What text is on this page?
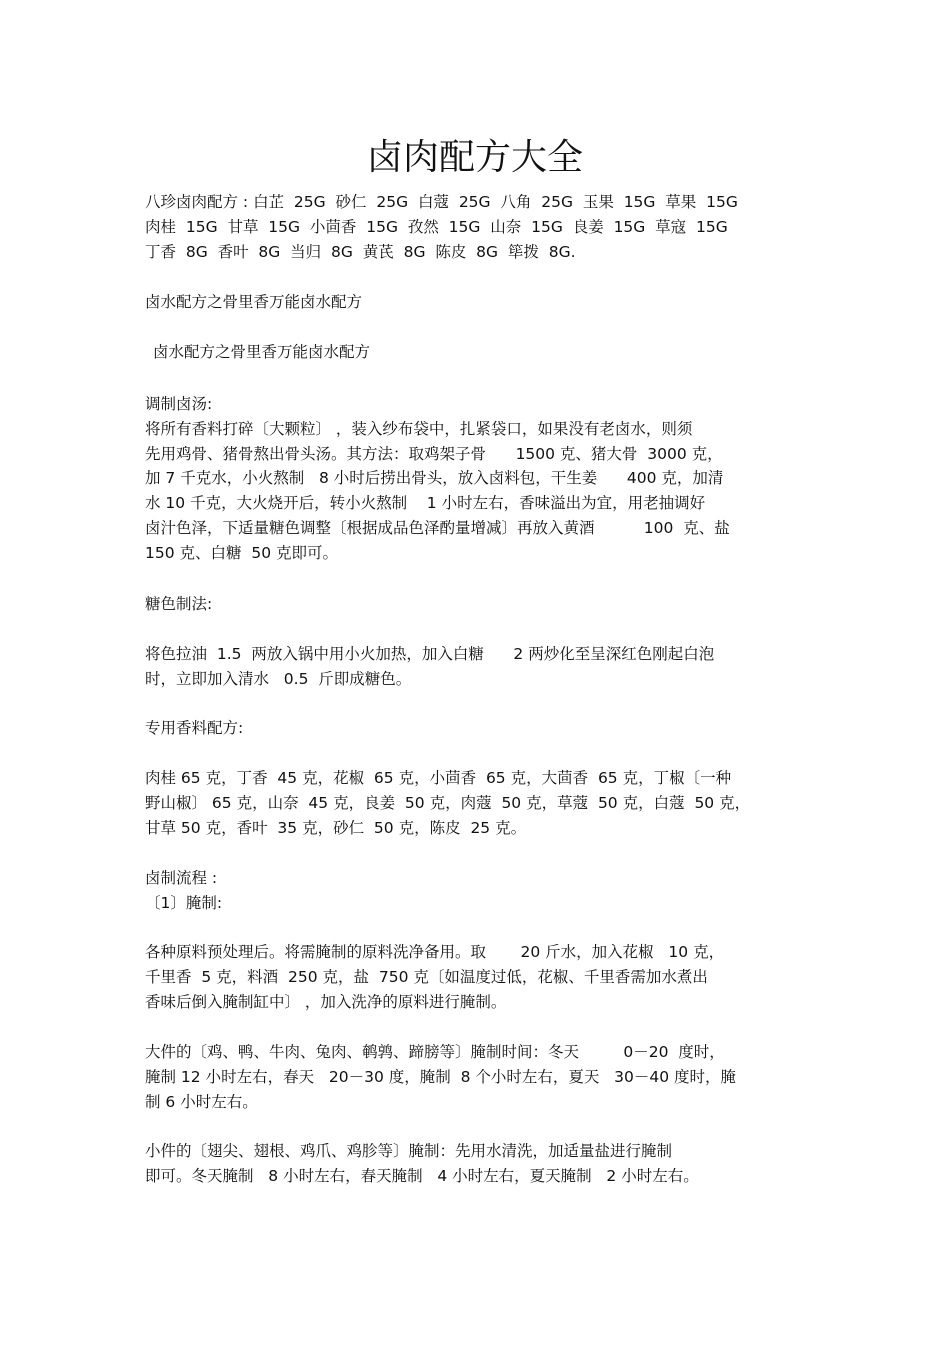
卤肉配方大全

八珍卤肉配方 : 白芷  25G  砂仁  25G  白蔻  25G  八角  25G  玉果  15G  草果  15G
肉桂  15G  甘草  15G  小茴香  15G  孜然  15G  山奈  15G  良姜  15G  草寇  15G
丁香  8G  香叶  8G  当归  8G  黄芪  8G  陈皮  8G  筚拨  8G.

卤水配方之骨里香万能卤水配方

卤水配方之骨里香万能卤水配方

调制卤汤:
将所有香料打碎〔大颗粒〕 ，装入纱布袋中，扎紧袋口，如果没有老卤水，则须
先用鸡骨、猪骨熬出骨头汤。其方法：取鸡架子骨      1500 克、猪大骨  3000 克，
加 7 千克水，小火熬制   8 小时后捞出骨头，放入卤料包，干生姜      400 克，加清
水 10 千克，大火烧开后，转小火熬制    1 小时左右，香味溢出为宜，用老抽调好
卤汁色泽，下适量糖色调整〔根据成品色泽酌量增减〕再放入黄酒          100  克、盐
150 克、白糖  50 克即可。

糖色制法:

将色拉油  1.5  两放入锅中用小火加热，加入白糖      2 两炒化至呈深红色刚起白泡
时，立即加入清水   0.5  斤即成糖色。

专用香料配方:

肉桂 65 克，丁香  45 克，花椒  65 克，小茴香  65 克，大茴香  65 克，丁椒〔一种
野山椒〕 65 克，山奈  45 克，良姜  50 克，肉蔻  50 克，草蔻  50 克，白蔻  50 克，
甘草 50 克，香叶  35 克，砂仁  50 克，陈皮  25 克。

卤制流程 :
〔1〕腌制:

各种原料预处理后。将需腌制的原料洗净备用。取       20 斤水，加入花椒   10 克，
千里香  5 克，料酒  250 克，盐  750 克〔如温度过低，花椒、千里香需加水煮出
香味后倒入腌制缸中〕 ，加入洗净的原料进行腌制。

大件的〔鸡、鸭、牛肉、兔肉、鹌鹑、蹄膀等〕腌制时间：冬天         0－20  度时，
腌制 12 小时左右，春天   20－30 度，腌制  8 个小时左右，夏天   30－40 度时，腌
制 6 小时左右。

小件的〔翅尖、翅根、鸡爪、鸡胗等〕腌制：先用水清洗，加适量盐进行腌制
即可。冬天腌制   8 小时左右，春天腌制   4 小时左右，夏天腌制   2 小时左右。
